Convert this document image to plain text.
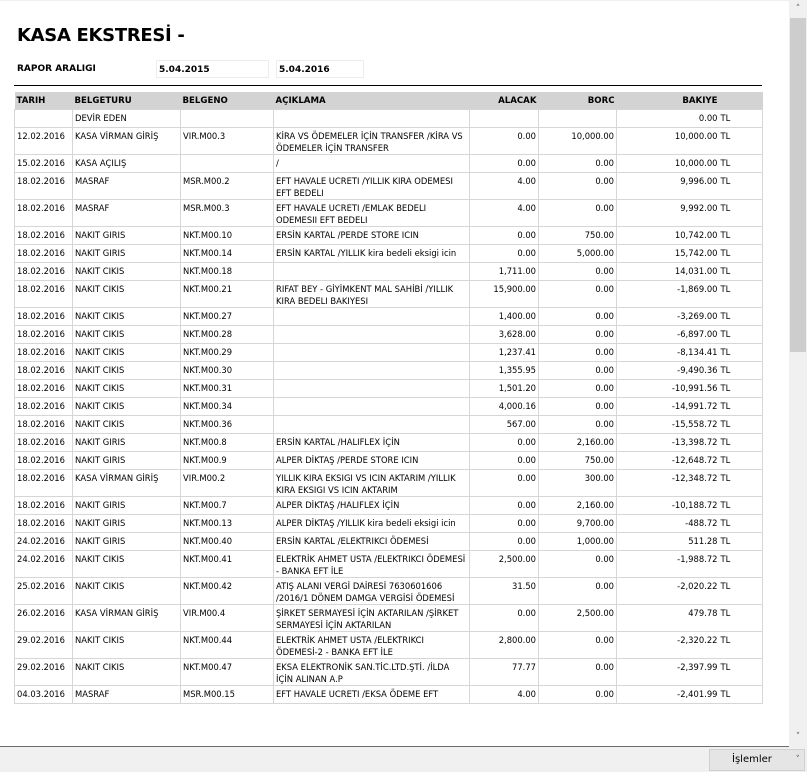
KASA EKSTRESİ -
RAPOR ARALIGI	5.04.2015	5.04.2016
TARIH	BELGETURU	BELGENO	AÇIKLAMA	ALACAK	BORC	BAKIYE	
	DEVİR EDEN					0.00	TL
12.02.2016	KASA VİRMAN GİRİŞ	VIR.M00.3	KİRA VS ÖDEMELER İÇİN TRANSFER /KİRA VS ÖDEMELER İÇİN TRANSFER	0.00	10,000.00	10,000.00	TL
15.02.2016	KASA AÇILIŞ		/	0.00	0.00	10,000.00	TL
18.02.2016	MASRAF	MSR.M00.2	EFT HAVALE UCRETI /YILLIK KIRA ODEMESI EFT BEDELI	4.00	0.00	9,996.00	TL
18.02.2016	MASRAF	MSR.M00.3	EFT HAVALE UCRETI /EMLAK BEDELI ODEMESII EFT BEDELI	4.00	0.00	9,992.00	TL
18.02.2016	NAKIT GIRIS	NKT.M00.10	ERSİN KARTAL /PERDE STORE ICIN	0.00	750.00	10,742.00	TL
18.02.2016	NAKIT GIRIS	NKT.M00.14	ERSİN KARTAL /YILLIK kira bedeli eksigi icin	0.00	5,000.00	15,742.00	TL
18.02.2016	NAKIT CIKIS	NKT.M00.18		1,711.00	0.00	14,031.00	TL
18.02.2016	NAKIT CIKIS	NKT.M00.21	RIFAT BEY - GİYİMKENT MAL SAHİBİ /YILLIK KIRA BEDELI BAKIYESI	15,900.00	0.00	-1,869.00	TL
18.02.2016	NAKIT CIKIS	NKT.M00.27		1,400.00	0.00	-3,269.00	TL
18.02.2016	NAKIT CIKIS	NKT.M00.28		3,628.00	0.00	-6,897.00	TL
18.02.2016	NAKIT CIKIS	NKT.M00.29		1,237.41	0.00	-8,134.41	TL
18.02.2016	NAKIT CIKIS	NKT.M00.30		1,355.95	0.00	-9,490.36	TL
18.02.2016	NAKIT CIKIS	NKT.M00.31		1,501.20	0.00	-10,991.56	TL
18.02.2016	NAKIT CIKIS	NKT.M00.34		4,000.16	0.00	-14,991.72	TL
18.02.2016	NAKIT CIKIS	NKT.M00.36		567.00	0.00	-15,558.72	TL
18.02.2016	NAKIT GIRIS	NKT.M00.8	ERSİN KARTAL /HALIFLEX İÇİN	0.00	2,160.00	-13,398.72	TL
18.02.2016	NAKIT GIRIS	NKT.M00.9	ALPER DİKTAŞ /PERDE STORE ICIN	0.00	750.00	-12,648.72	TL
18.02.2016	KASA VİRMAN GİRİŞ	VIR.M00.2	YILLIK KIRA EKSIGI VS ICIN AKTARIM /YILLIK KIRA EKSIGI VS ICIN AKTARIM	0.00	300.00	-12,348.72	TL
18.02.2016	NAKIT GIRIS	NKT.M00.7	ALPER DİKTAŞ /HALIFLEX İÇİN	0.00	2,160.00	-10,188.72	TL
18.02.2016	NAKIT GIRIS	NKT.M00.13	ALPER DİKTAŞ /YILLIK kira bedeli eksigi icin	0.00	9,700.00	-488.72	TL
24.02.2016	NAKIT GIRIS	NKT.M00.40	ERSİN KARTAL /ELEKTRIKCI ÖDEMESİ	0.00	1,000.00	511.28	TL
24.02.2016	NAKIT CIKIS	NKT.M00.41	ELEKTRİK AHMET USTA /ELEKTRIKCI ÖDEMESİ - BANKA EFT İLE	2,500.00	0.00	-1,988.72	TL
25.02.2016	NAKIT CIKIS	NKT.M00.42	ATIŞ ALANI VERGİ DAİRESİ 7630601606 /2016/1 DÖNEM DAMGA VERGİSİ ÖDEMESİ	31.50	0.00	-2,020.22	TL
26.02.2016	KASA VİRMAN GİRİŞ	VIR.M00.4	ŞİRKET SERMAYESİ İÇİN AKTARILAN /ŞİRKET SERMAYESİ İÇİN AKTARILAN	0.00	2,500.00	479.78	TL
29.02.2016	NAKIT CIKIS	NKT.M00.44	ELEKTRİK AHMET USTA /ELEKTRIKCI ÖDEMESİ-2 - BANKA EFT İLE	2,800.00	0.00	-2,320.22	TL
29.02.2016	NAKIT CIKIS	NKT.M00.47	EKSA ELEKTRONİK SAN.TİC.LTD.ŞTİ. /İLDA İÇİN ALINAN A.P	77.77	0.00	-2,397.99	TL
04.03.2016	MASRAF	MSR.M00.15	EFT HAVALE UCRETI /EKSA ÖDEME EFT	4.00	0.00	-2,401.99	TL
˄
˅
İşlemler	˅
